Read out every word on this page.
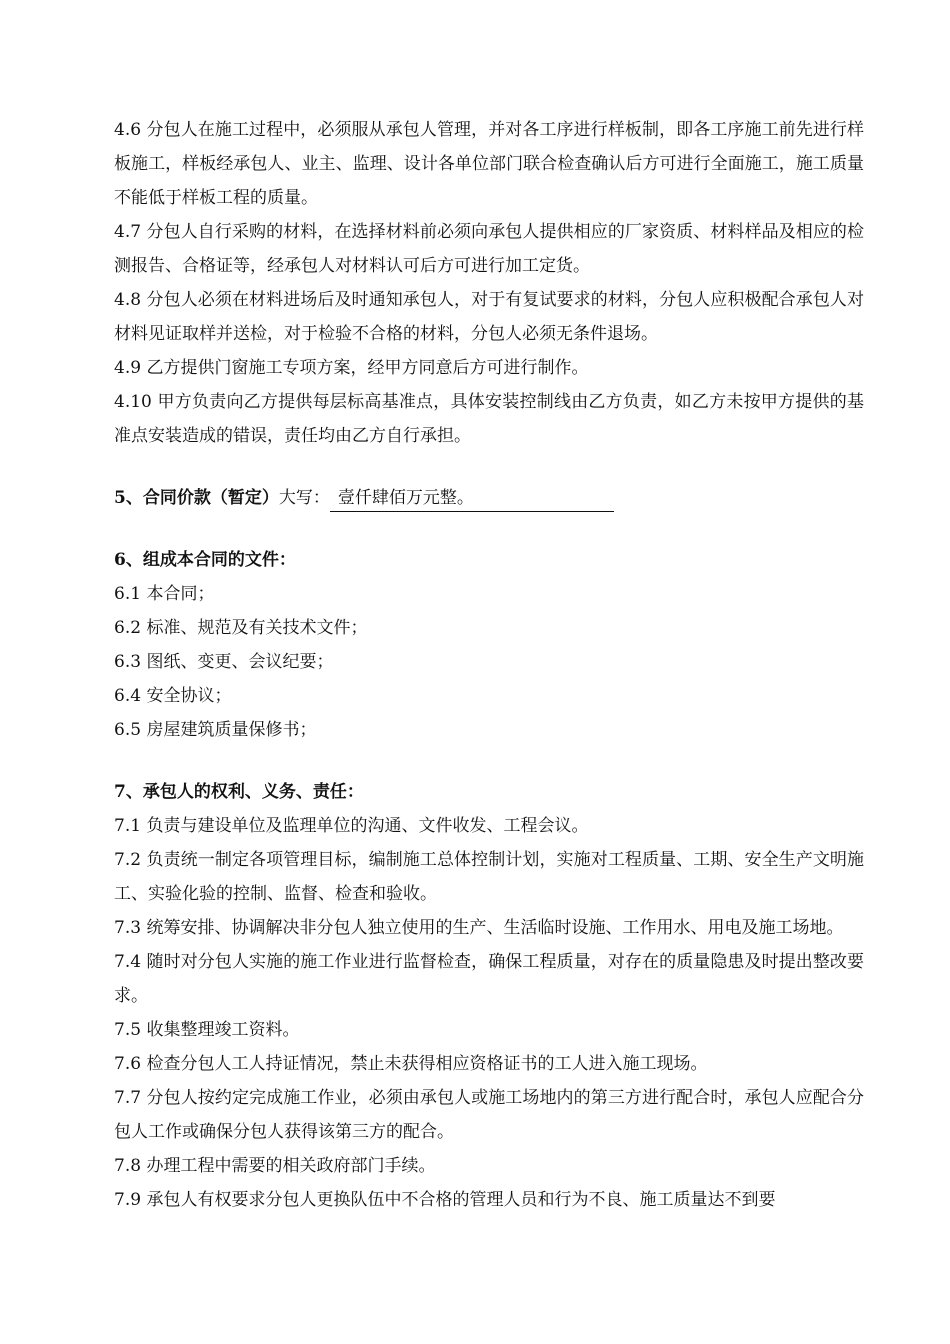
4.6 分包人在施工过程中，必须服从承包人管理，并对各工序进行样板制，即各工序施工前先进行样板施工，样板经承包人、业主、监理、设计各单位部门联合检查确认后方可进行全面施工，施工质量不能低于样板工程的质量。

4.7 分包人自行采购的材料，在选择材料前必须向承包人提供相应的厂家资质、材料样品及相应的检测报告、合格证等，经承包人对材料认可后方可进行加工定货。

4.8 分包人必须在材料进场后及时通知承包人，对于有复试要求的材料，分包人应积极配合承包人对材料见证取样并送检，对于检验不合格的材料，分包人必须无条件退场。

4.9 乙方提供门窗施工专项方案，经甲方同意后方可进行制作。

4.10 甲方负责向乙方提供每层标高基准点，具体安装控制线由乙方负责，如乙方未按甲方提供的基准点安装造成的错误，责任均由乙方自行承担。

5、合同价款（暂定）大写： 壹仟肆佰万元整。

6、组成本合同的文件：

6.1 本合同；

6.2 标准、规范及有关技术文件；

6.3 图纸、变更、会议纪要；

6.4 安全协议；

6.5 房屋建筑质量保修书；

7、承包人的权利、义务、责任：

7.1 负责与建设单位及监理单位的沟通、文件收发、工程会议。

7.2 负责统一制定各项管理目标，编制施工总体控制计划，实施对工程质量、工期、安全生产文明施工、实验化验的控制、监督、检查和验收。

7.3 统筹安排、协调解决非分包人独立使用的生产、生活临时设施、工作用水、用电及施工场地。

7.4 随时对分包人实施的施工作业进行监督检查，确保工程质量，对存在的质量隐患及时提出整改要求。

7.5 收集整理竣工资料。

7.6 检查分包人工人持证情况，禁止未获得相应资格证书的工人进入施工现场。

7.7 分包人按约定完成施工作业，必须由承包人或施工场地内的第三方进行配合时，承包人应配合分包人工作或确保分包人获得该第三方的配合。

7.8 办理工程中需要的相关政府部门手续。

7.9 承包人有权要求分包人更换队伍中不合格的管理人员和行为不良、施工质量达不到要
